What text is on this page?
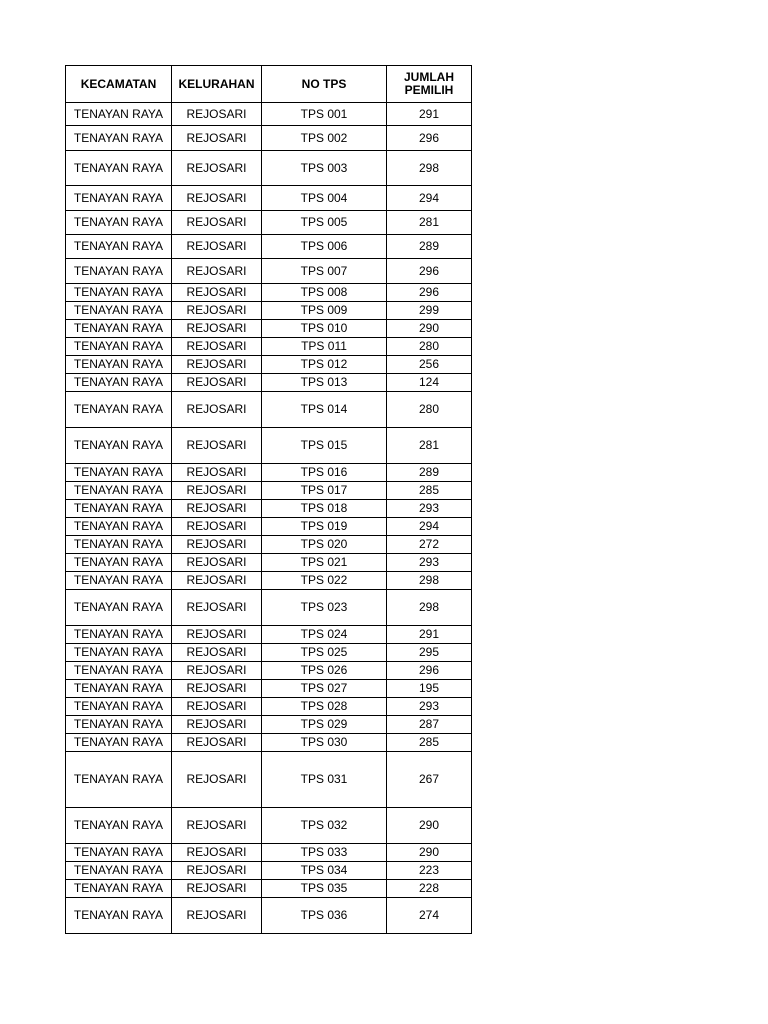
KECAMATAN	KELURAHAN	NO TPS	JUMLAH PEMILIH
TENAYAN RAYA	REJOSARI	TPS 001	291
TENAYAN RAYA	REJOSARI	TPS 002	296
TENAYAN RAYA	REJOSARI	TPS 003	298
TENAYAN RAYA	REJOSARI	TPS 004	294
TENAYAN RAYA	REJOSARI	TPS 005	281
TENAYAN RAYA	REJOSARI	TPS 006	289
TENAYAN RAYA	REJOSARI	TPS 007	296
TENAYAN RAYA	REJOSARI	TPS 008	296
TENAYAN RAYA	REJOSARI	TPS 009	299
TENAYAN RAYA	REJOSARI	TPS 010	290
TENAYAN RAYA	REJOSARI	TPS 011	280
TENAYAN RAYA	REJOSARI	TPS 012	256
TENAYAN RAYA	REJOSARI	TPS 013	124
TENAYAN RAYA	REJOSARI	TPS 014	280
TENAYAN RAYA	REJOSARI	TPS 015	281
TENAYAN RAYA	REJOSARI	TPS 016	289
TENAYAN RAYA	REJOSARI	TPS 017	285
TENAYAN RAYA	REJOSARI	TPS 018	293
TENAYAN RAYA	REJOSARI	TPS 019	294
TENAYAN RAYA	REJOSARI	TPS 020	272
TENAYAN RAYA	REJOSARI	TPS 021	293
TENAYAN RAYA	REJOSARI	TPS 022	298
TENAYAN RAYA	REJOSARI	TPS 023	298
TENAYAN RAYA	REJOSARI	TPS 024	291
TENAYAN RAYA	REJOSARI	TPS 025	295
TENAYAN RAYA	REJOSARI	TPS 026	296
TENAYAN RAYA	REJOSARI	TPS 027	195
TENAYAN RAYA	REJOSARI	TPS 028	293
TENAYAN RAYA	REJOSARI	TPS 029	287
TENAYAN RAYA	REJOSARI	TPS 030	285
TENAYAN RAYA	REJOSARI	TPS 031	267
TENAYAN RAYA	REJOSARI	TPS 032	290
TENAYAN RAYA	REJOSARI	TPS 033	290
TENAYAN RAYA	REJOSARI	TPS 034	223
TENAYAN RAYA	REJOSARI	TPS 035	228
TENAYAN RAYA	REJOSARI	TPS 036	274
